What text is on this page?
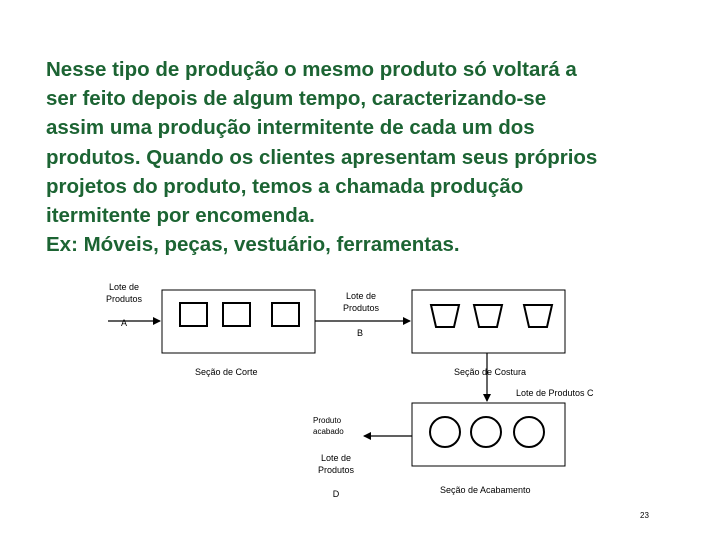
Nesse tipo de produção o mesmo produto só voltará a
ser feito depois de algum tempo, caracterizando-se
assim uma produção intermitente de cada um dos
produtos. Quando os clientes apresentam seus próprios
projetos do produto, temos a chamada produção
itermitente por encomenda.
Ex: Móveis, peças, vestuário, ferramentas.
Lote de
Produtos
A
Lote de
Produtos
B
Seção de Corte	Seção de Costura
Lote de Produtos C
Produto
acabado
Lote de
Produtos
D	Seção de Acabamento
23
